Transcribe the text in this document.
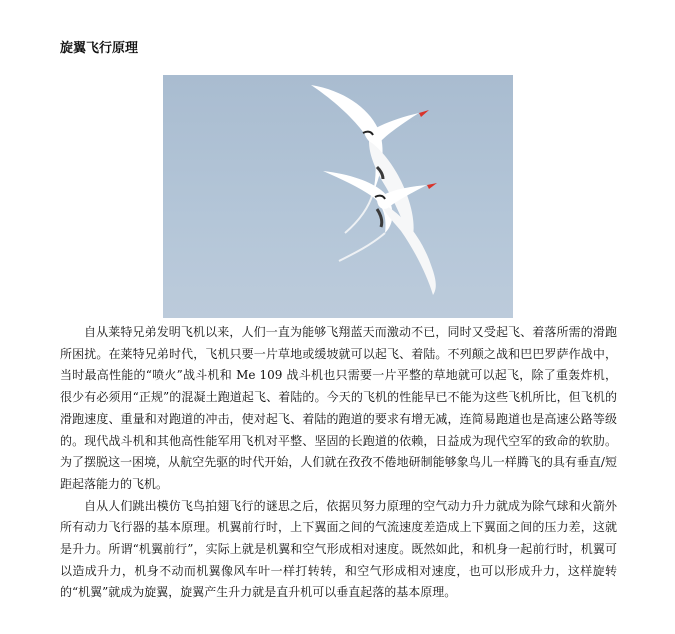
旋翼飞行原理

自从莱特兄弟发明飞机以来，人们一直为能够飞翔蓝天而激动不已，同时又受起飞、着落所需的滑跑所困扰。在莱特兄弟时代，飞机只要一片草地或缓坡就可以起飞、着陆。不列颠之战和巴巴罗萨作战中，当时最高性能的“喷火”战斗机和 Me 109 战斗机也只需要一片平整的草地就可以起飞，除了重轰炸机，很少有必须用“正规”的混凝土跑道起飞、着陆的。今天的飞机的性能早已不能为这些飞机所比，但飞机的滑跑速度、重量和对跑道的冲击，使对起飞、着陆的跑道的要求有增无减，连简易跑道也是高速公路等级的。现代战斗机和其他高性能军用飞机对平整、坚固的长跑道的依赖，日益成为现代空军的致命的软肋。为了摆脱这一困境，从航空先驱的时代开始，人们就在孜孜不倦地研制能够象鸟儿一样腾飞的具有垂直/短距起落能力的飞机。

自从人们跳出模仿飞鸟拍翅飞行的谜思之后，依据贝努力原理的空气动力升力就成为除气球和火箭外所有动力飞行器的基本原理。机翼前行时，上下翼面之间的气流速度差造成上下翼面之间的压力差，这就是升力。所谓“机翼前行”，实际上就是机翼和空气形成相对速度。既然如此，和机身一起前行时，机翼可以造成升力，机身不动而机翼像风车叶一样打转转，和空气形成相对速度，也可以形成升力，这样旋转的“机翼”就成为旋翼，旋翼产生升力就是直升机可以垂直起落的基本原理。
